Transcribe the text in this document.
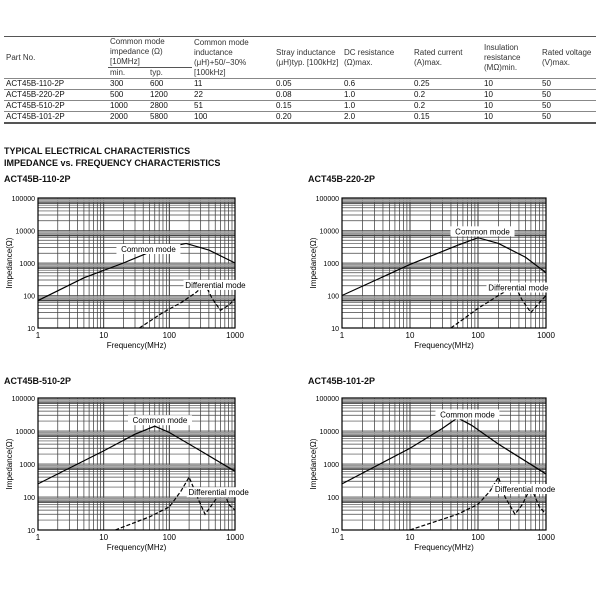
Part No.	Common mode impedance (Ω)[10MHz]		Common mode inductance (μH)+50/−30% [100kHz]	Stray inductance (μH)typ. [100kHz]	DC resistance (Ω)max.	Rated current (A)max.	Insulation resistance (MΩ)min.	Rated voltage (V)max.
	min.	typ.						
ACT45B-110-2P	300	600	11	0.05	0.6	0.25	10	50
ACT45B-220-2P	500	1200	22	0.08	1.0	0.2	10	50
ACT45B-510-2P	1000	2800	51	0.15	1.0	0.2	10	50
ACT45B-101-2P	2000	5800	100	0.20	2.0	0.15	10	50
TYPICAL ELECTRICAL CHARACTERISTICS
IMPEDANCE vs. FREQUENCY CHARACTERISTICS
ACT45B-110-2P	ACT45B-220-2P
ACT45B-510-2P	ACT45B-101-2P
1	10	100	1000
10
100
1000
10000
100000
Frequency(MHz)
Impedance(Ω)	Common mode
Differential mode
1	10	100	1000
10
100
1000
10000
100000
Frequency(MHz)
Impedance(Ω)
Common mode
Differential mode
1	10	100	1000
10
100
1000
10000
100000
Frequency(MHz)
Impedance(Ω)
Common mode
Differential mode
1	10	100	1000
10
100
1000
10000
100000
Frequency(MHz)
Impedance(Ω)
Common mode
Differential mode
